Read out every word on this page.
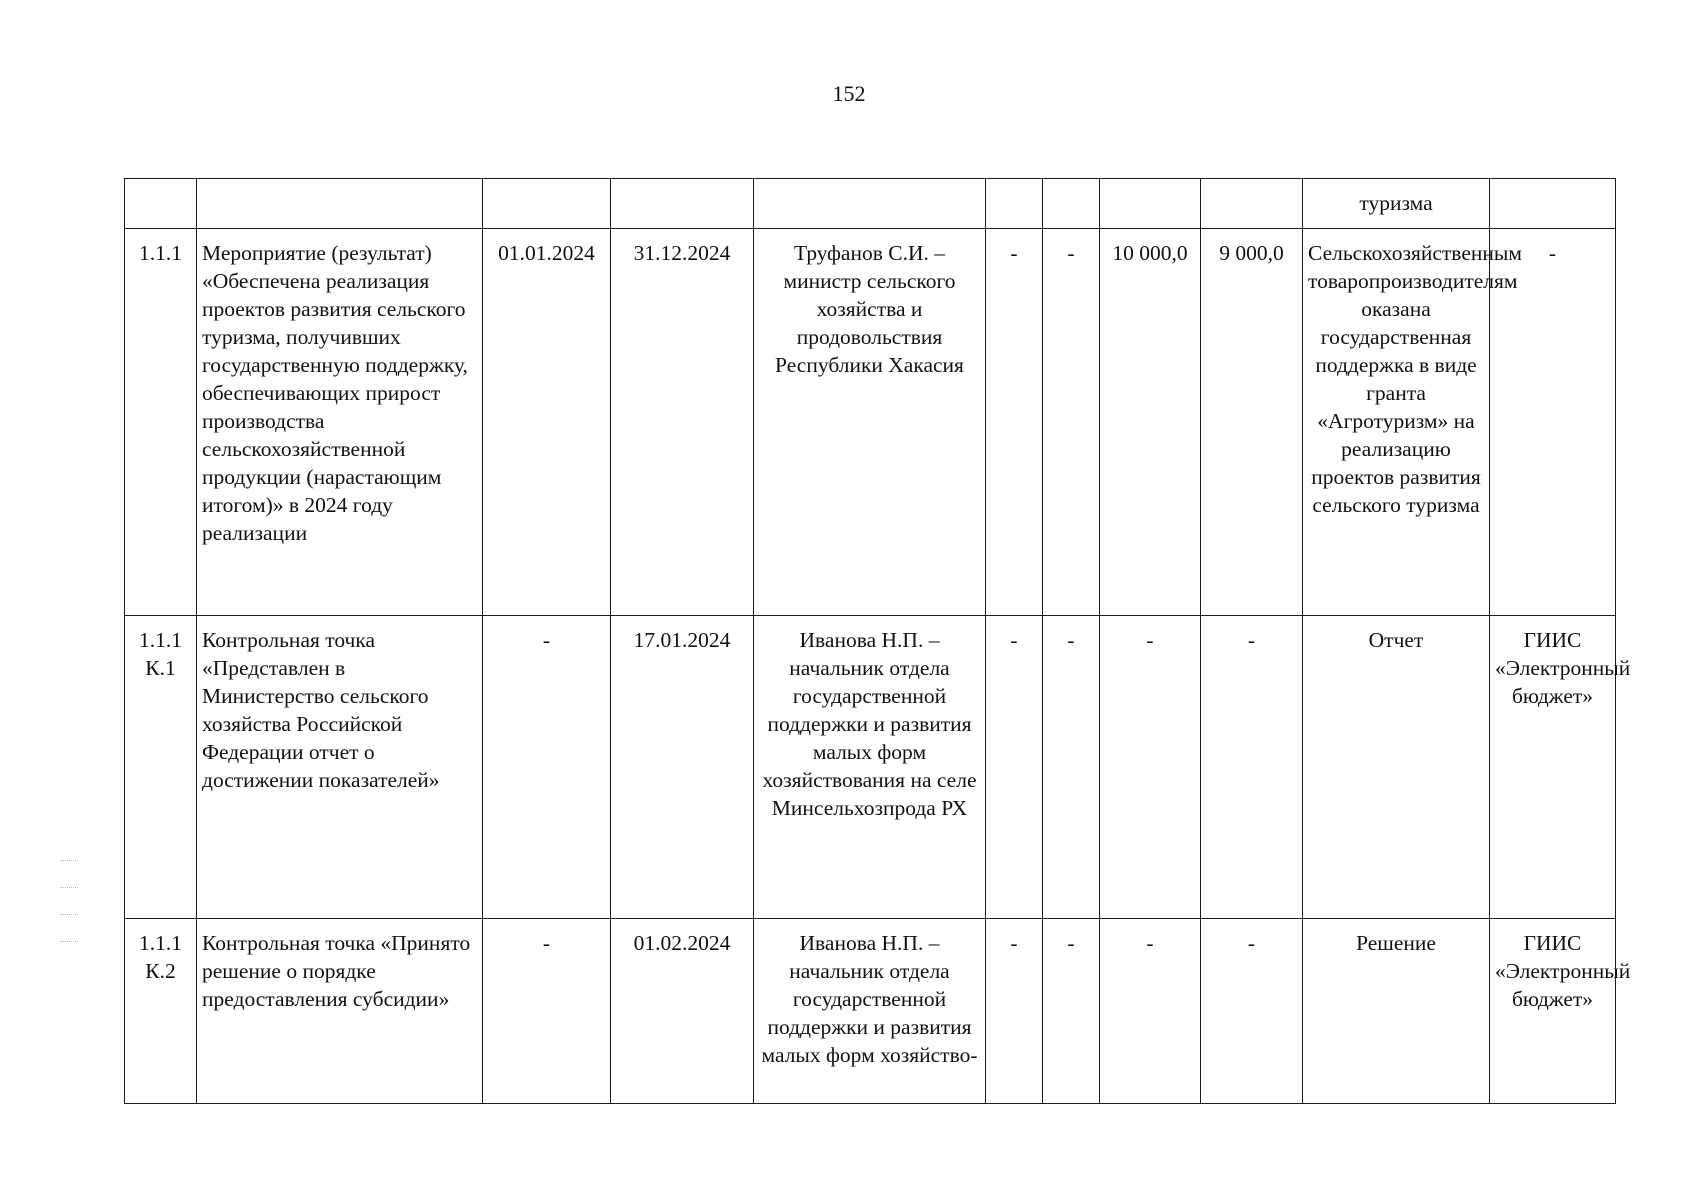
152
									туризма	
1.1.1	Мероприятие (результат) «Обеспечена реализация проектов развития сельского туризма, получивших государственную поддержку, обеспечивающих прирост производства сельскохозяйственной продукции (нарастающим итогом)» в 2024 году реализации	01.01.2024	31.12.2024	Труфанов С.И. – министр сельского хозяйства и продовольствия Республики Хакасия	-	-	10 000,0	9 000,0	Сельскохозяйственным товаропроизводителям оказана государственная поддержка в виде гранта «Агротуризм» на реализацию проектов развития сельского туризма	-
1.1.1 К.1	Контрольная точка «Представлен в Министерство сельского хозяйства Российской Федерации отчет о достижении показателей»	-	17.01.2024	Иванова Н.П. – начальник отдела государственной поддержки и развития малых форм хозяйствования на селе Минсельхозпрода РХ	-	-	-	-	Отчет	ГИИС «Электронный бюджет»
1.1.1 К.2	Контрольная точка «Принято решение о порядке предоставления субсидии»	-	01.02.2024	Иванова Н.П. – начальник отдела государственной поддержки и развития малых форм хозяйство-	-	-	-	-	Решение	ГИИС «Электронный бюджет»
